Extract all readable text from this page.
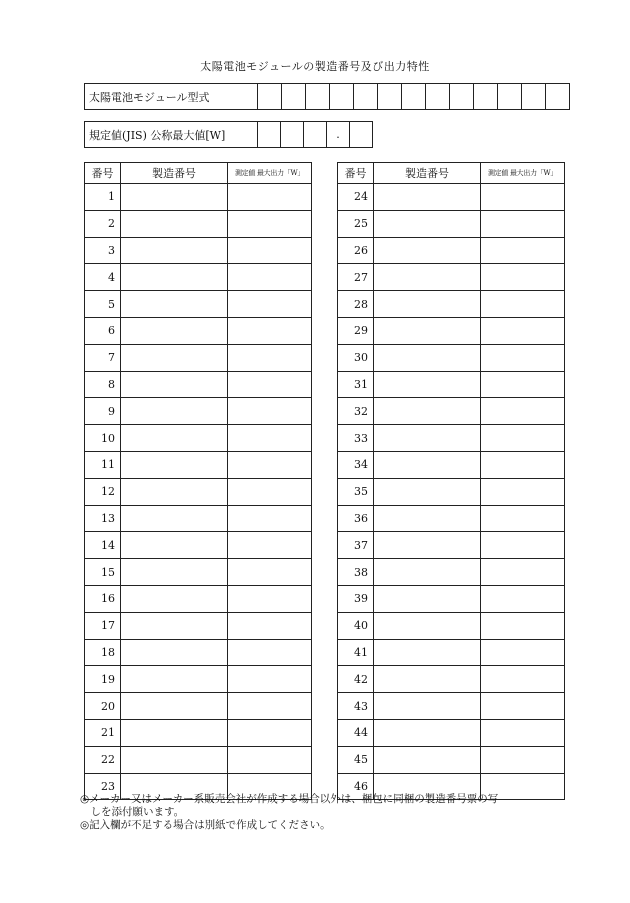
太陽電池モジュールの製造番号及び出力特性
太陽電池モジュール型式													
規定値(JIS) 公称最大値[W]				.	
番号	製造番号	測定値 最大出力「W」
1		
2		
3		
4		
5		
6		
7		
8		
9		
10		
11		
12		
13		
14		
15		
16		
17		
18		
19		
20		
21		
22		
23		
番号	製造番号	測定値 最大出力「W」
24		
25		
26		
27		
28		
29		
30		
31		
32		
33		
34		
35		
36		
37		
38		
39		
40		
41		
42		
43		
44		
45		
46		
◎メーカー又はメーカー系販売会社が作成する場合以外は、梱包に同梱の製造番号票の写
　しを添付願います。
◎記入欄が不足する場合は別紙で作成してください。
